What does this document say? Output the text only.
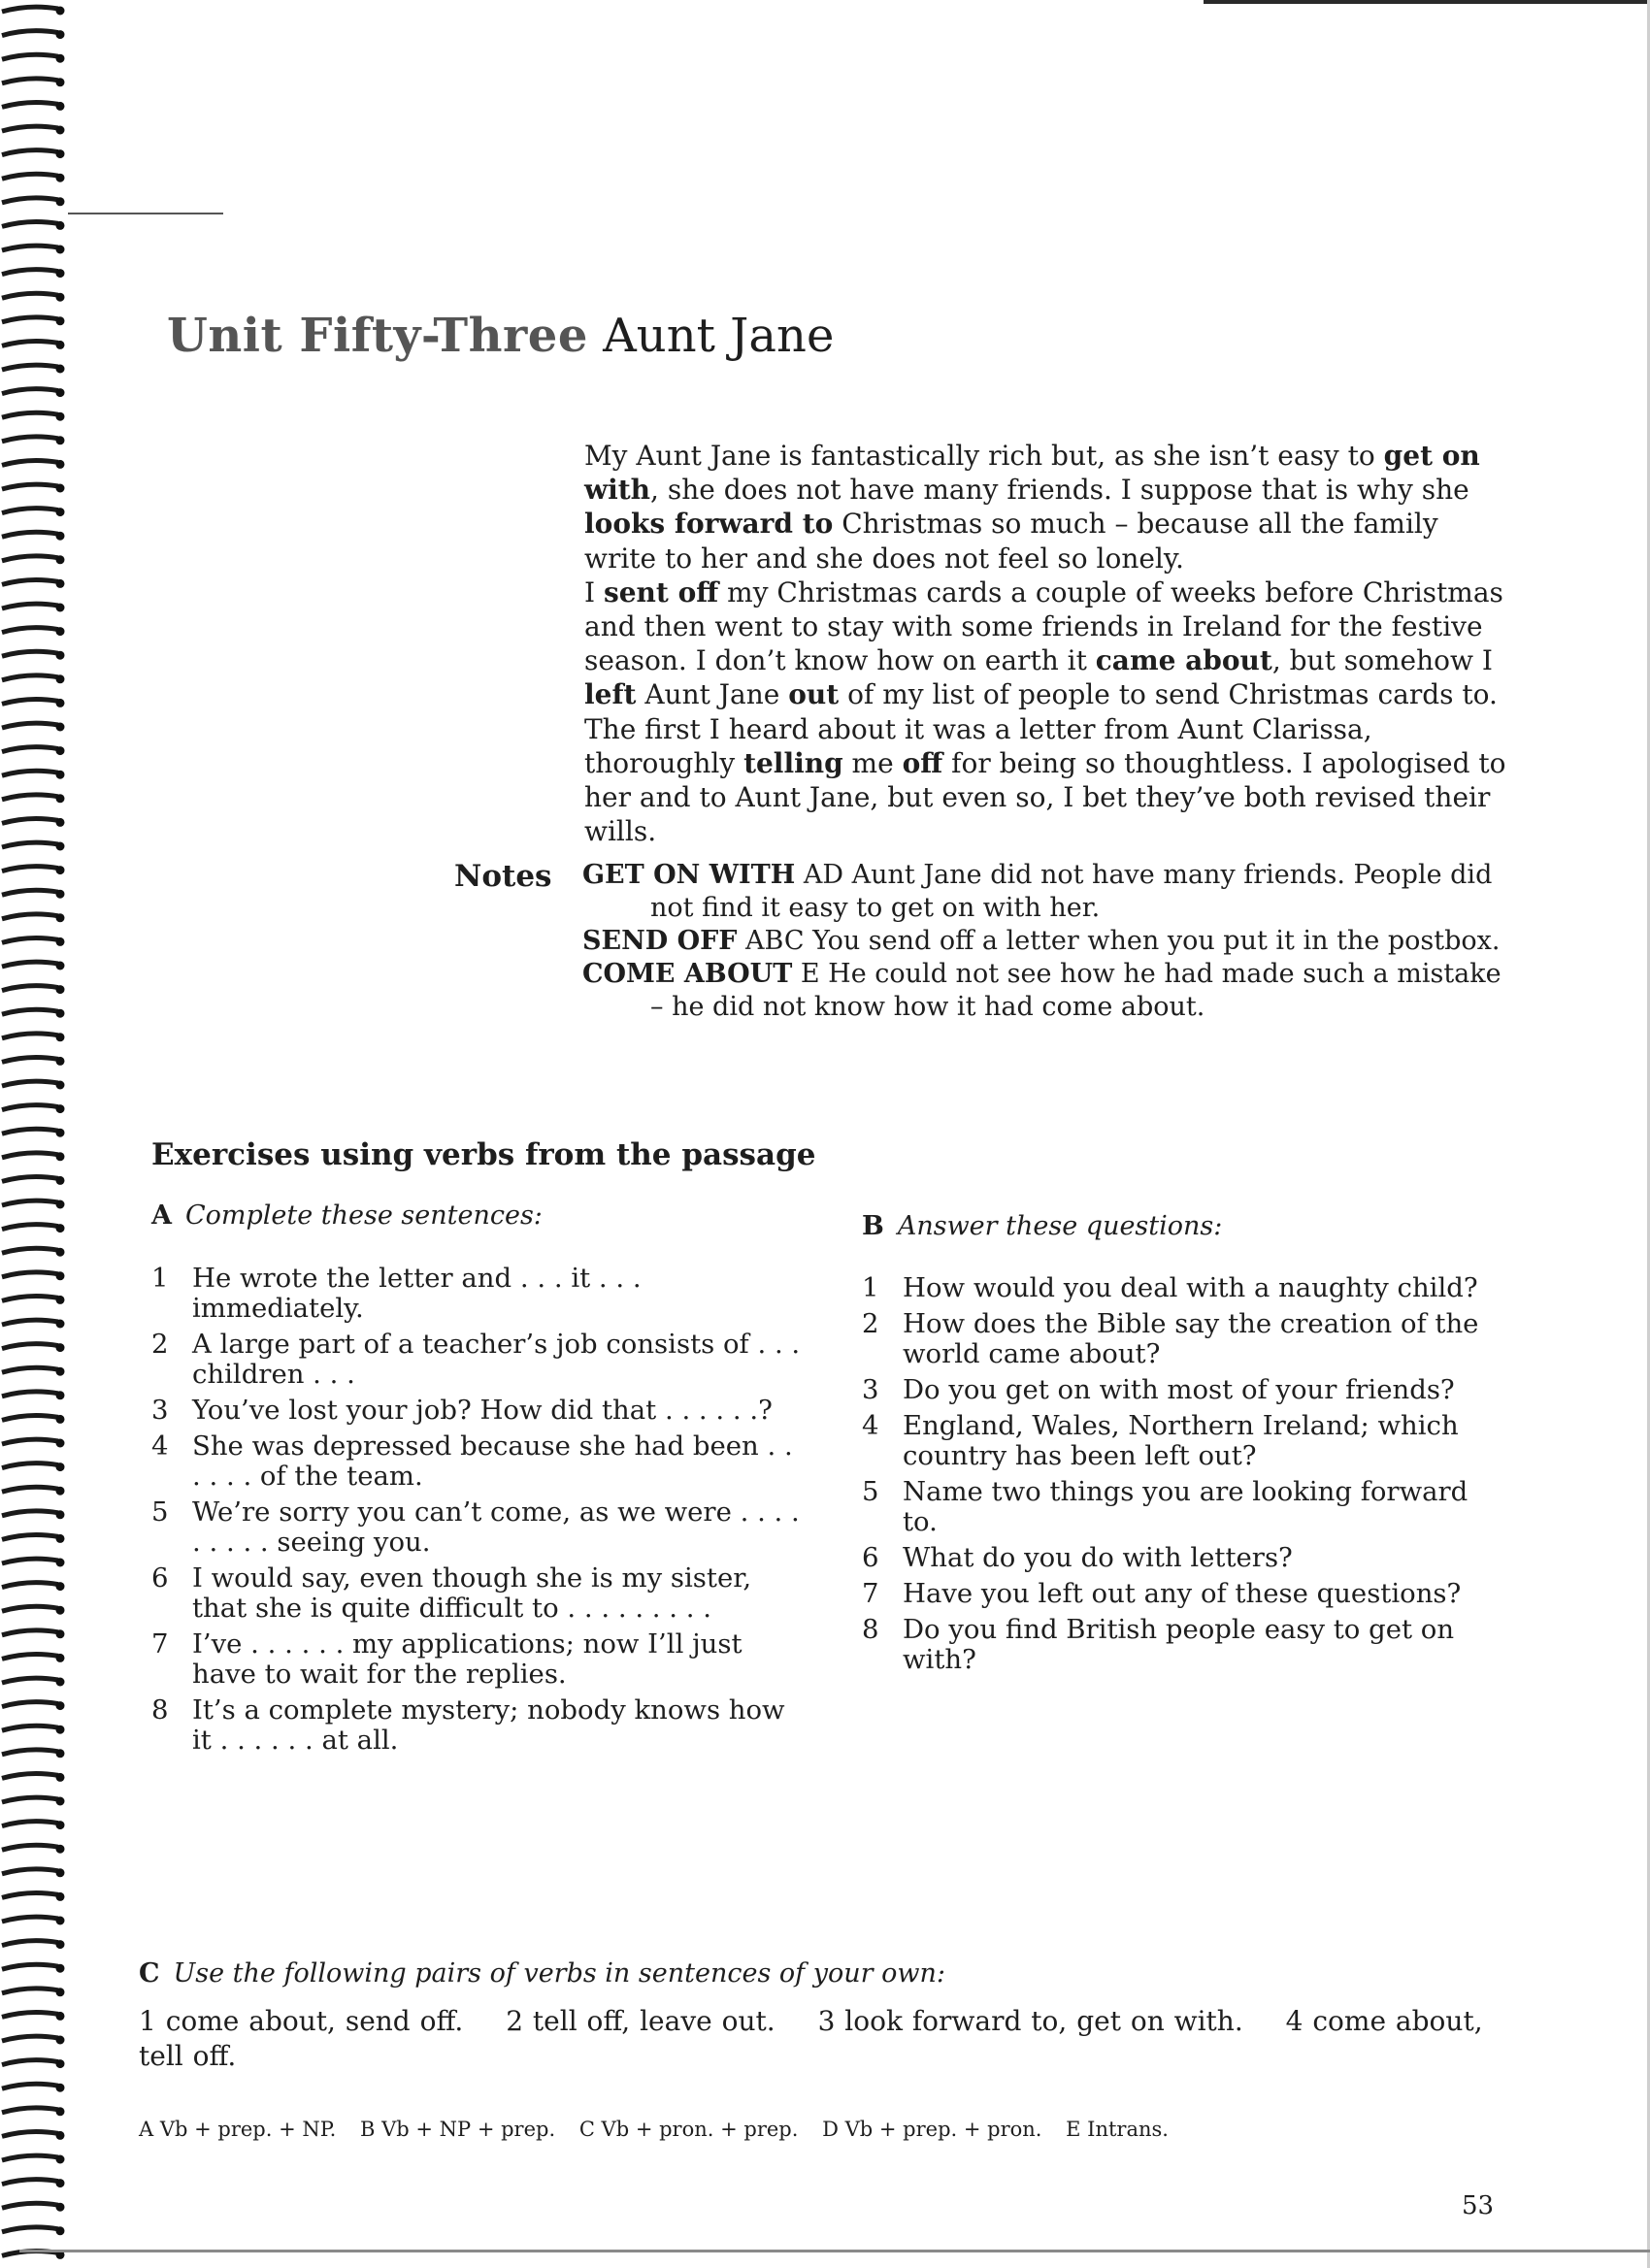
Unit Fifty-Three Aunt Jane

My Aunt Jane is fantastically rich but, as she isn’t easy to get on with, she does not have many friends. I suppose that is why she looks forward to Christmas so much – because all the family write to her and she does not feel so lonely.

I sent off my Christmas cards a couple of weeks before Christmas and then went to stay with some friends in Ireland for the festive season. I don’t know how on earth it came about, but somehow I left Aunt Jane out of my list of people to send Christmas cards to. The first I heard about it was a letter from Aunt Clarissa, thoroughly telling me off for being so thoughtless. I apologised to her and to Aunt Jane, but even so, I bet they’ve both revised their wills.

Notes GET ON WITH AD Aunt Jane did not have many friends. People did not find it easy to get on with her.
SEND OFF ABC You send off a letter when you put it in the postbox.
COME ABOUT E He could not see how he had made such a mistake – he did not know how it had come about.
Exercises using verbs from the passage
A Complete these sentences:
1 He wrote the letter and . . . it . . . immediately.
2 A large part of a teacher’s job consists of . . . children . . .
3 You’ve lost your job? How did that . . . . . .?
4 She was depressed because she had been . . . . . . of the team.
5 We’re sorry you can’t come, as we were . . . . . . . . . seeing you.
6 I would say, even though she is my sister, that she is quite difficult to . . . . . . . . .
7 I’ve . . . . . . my applications; now I’ll just have to wait for the replies.
8 It’s a complete mystery; nobody knows how it . . . . . . at all.
B Answer these questions:
1 How would you deal with a naughty child?
2 How does the Bible say the creation of the world came about?
3 Do you get on with most of your friends?
4 England, Wales, Northern Ireland; which country has been left out?
5 Name two things you are looking forward to.
6 What do you do with letters?
7 Have you left out any of these questions?
8 Do you find British people easy to get on with?
C Use the following pairs of verbs in sentences of your own:
1 come about, send off. 2 tell off, leave out. 3 look forward to, get on with. 4 come about, tell off.
A Vb + prep. + NP. B Vb + NP + prep. C Vb + pron. + prep. D Vb + prep. + pron. E Intrans.
53
